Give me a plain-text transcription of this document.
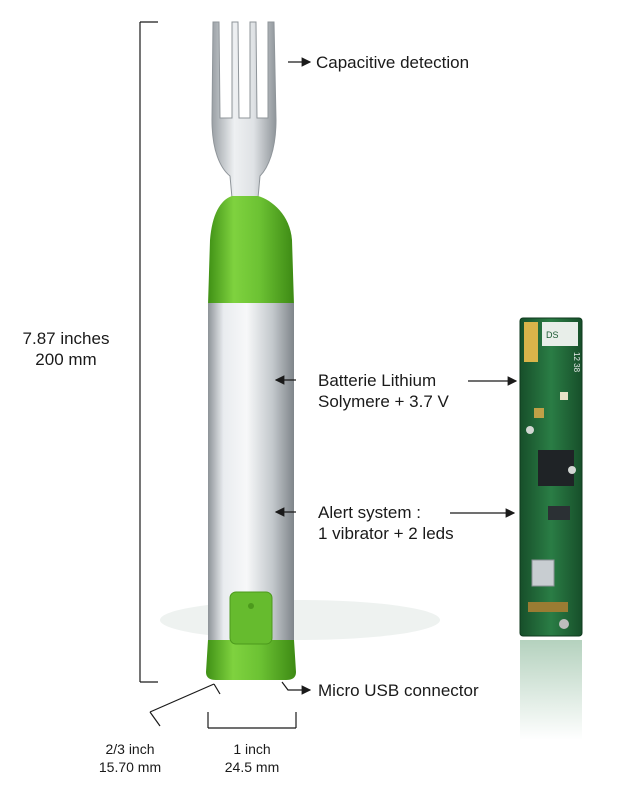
DS
12 38
Capacitive detection
7.87 inches
200 mm
Batterie Lithium
Solymere + 3.7 V
Alert system :
1 vibrator + 2 leds
Micro USB connector
2/3 inch
15.70 mm
1 inch
24.5 mm
